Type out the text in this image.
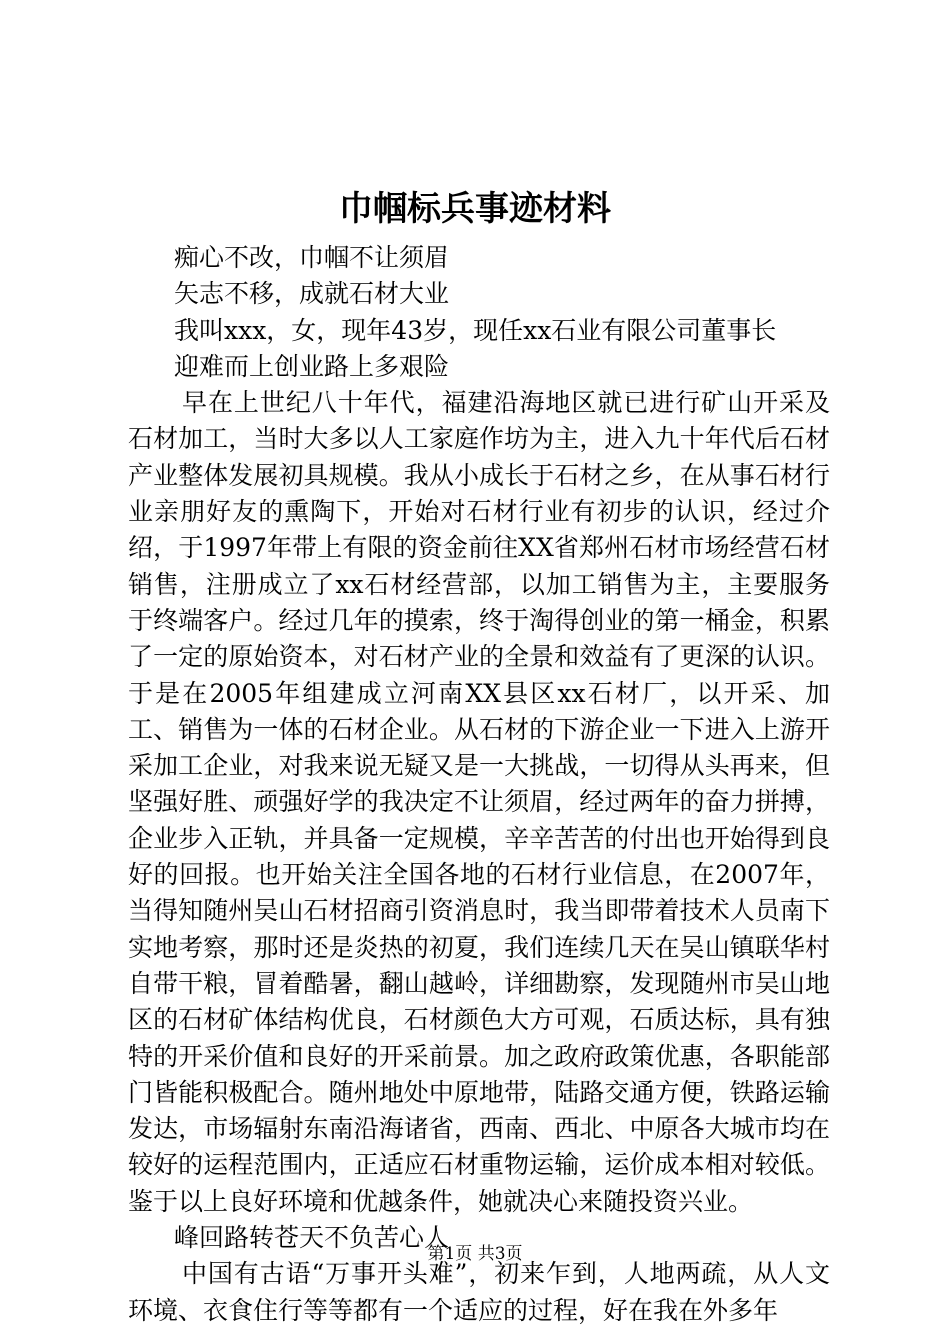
巾帼标兵事迹材料
痴心不改，巾帼不让须眉
矢志不移，成就石材大业
我叫xxx，女，现年43岁，现任xx石业有限公司董事长
迎难而上创业路上多艰险
早在上世纪八十年代，福建沿海地区就已进行矿山开采及石材加工，当时大多以人工家庭作坊为主，进入九十年代后石材产业整体发展初具规模。我从小成长于石材之乡，在从事石材行业亲朋好友的熏陶下，开始对石材行业有初步的认识，经过介绍，于1997年带上有限的资金前往XX省郑州石材市场经营石材销售，注册成立了xx石材经营部，以加工销售为主，主要服务于终端客户。经过几年的摸索，终于淘得创业的第一桶金，积累了一定的原始资本，对石材产业的全景和效益有了更深的认识。于是在2005年组建成立河南XX县区xx石材厂，以开采、加工、销售为一体的石材企业。从石材的下游企业一下进入上游开采加工企业，对我来说无疑又是一大挑战，一切得从头再来，但坚强好胜、顽强好学的我决定不让须眉，经过两年的奋力拼搏，企业步入正轨，并具备一定规模，辛辛苦苦的付出也开始得到良好的回报。也开始关注全国各地的石材行业信息，在2007年，当得知随州吴山石材招商引资消息时，我当即带着技术人员南下实地考察，那时还是炎热的初夏，我们连续几天在吴山镇联华村自带干粮，冒着酷暑，翻山越岭，详细勘察，发现随州市吴山地区的石材矿体结构优良，石材颜色大方可观，石质达标，具有独特的开采价值和良好的开采前景。加之政府政策优惠，各职能部门皆能积极配合。随州地处中原地带，陆路交通方便，铁路运输发达，市场辐射东南沿海诸省，西南、西北、中原各大城市均在较好的运程范围内，正适应石材重物运输，运价成本相对较低。鉴于以上良好环境和优越条件，她就决心来随投资兴业。
峰回路转苍天不负苦心人
中国有古语“万事开头难”，初来乍到，人地两疏，从人文环境、衣食住行等等都有一个适应的过程，好在我在外多年
第1页 共3页
